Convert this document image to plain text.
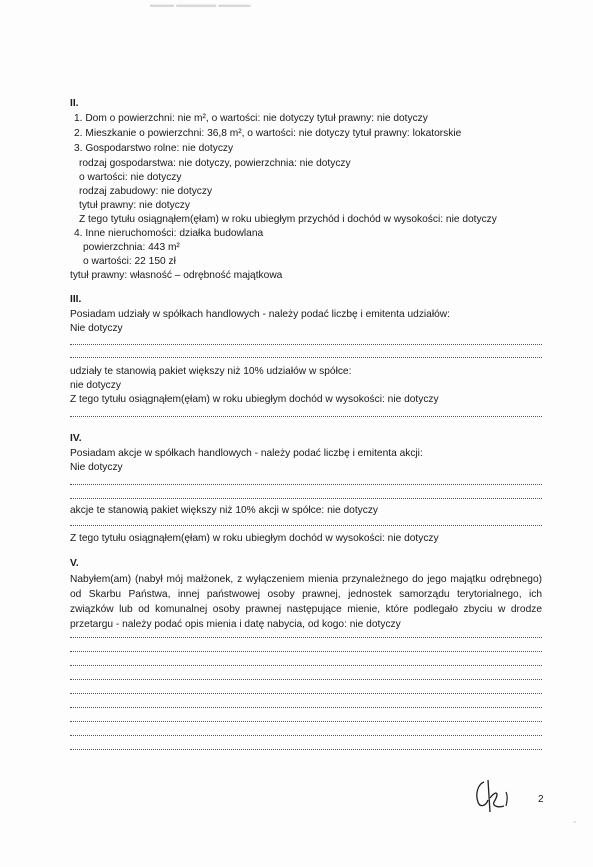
▬▬▬ ▬▬▬▬▬ ▬▬▬▬
II.
1. Dom o powierzchni: nie m², o wartości: nie dotyczy tytuł prawny: nie dotyczy
2. Mieszkanie o powierzchni: 36,8 m², o wartości: nie dotyczy tytuł prawny: lokatorskie
3. Gospodarstwo rolne: nie dotyczy
rodzaj gospodarstwa: nie dotyczy, powierzchnia: nie dotyczy
o wartości: nie dotyczy
rodzaj zabudowy: nie dotyczy
tytuł prawny: nie dotyczy
Z tego tytułu osiągnąłem(ęłam) w roku ubiegłym przychód i dochód w wysokości: nie dotyczy
4. Inne nieruchomości: działka budowlana
powierzchnia: 443 m²
o wartości: 22 150 zł
tytuł prawny: własność – odrębność majątkowa
III.
Posiadam udziały w spółkach handlowych - należy podać liczbę i emitenta udziałów:
Nie dotyczy
udziały te stanowią pakiet większy niż 10% udziałów w spółce:
nie dotyczy
Z tego tytułu osiągnąłem(ęłam) w roku ubiegłym dochód w wysokości: nie dotyczy
IV.
Posiadam akcje w spółkach handlowych - należy podać liczbę i emitenta akcji:
Nie dotyczy
akcje te stanowią pakiet większy niż 10% akcji w spółce: nie dotyczy
Z tego tytułu osiągnąłem(ęłam) w roku ubiegłym dochód w wysokości: nie dotyczy
V.
Nabyłem(am) (nabył mój małżonek, z wyłączeniem mienia przynależnego do jego majątku odrębnego) od Skarbu Państwa, innej państwowej osoby prawnej, jednostek samorządu terytorialnego, ich związków lub od komunalnej osoby prawnej następujące mienie, które podlegało zbyciu w drodze przetargu - należy podać opis mienia i datę nabycia, od kogo: nie dotyczy
2
,,
